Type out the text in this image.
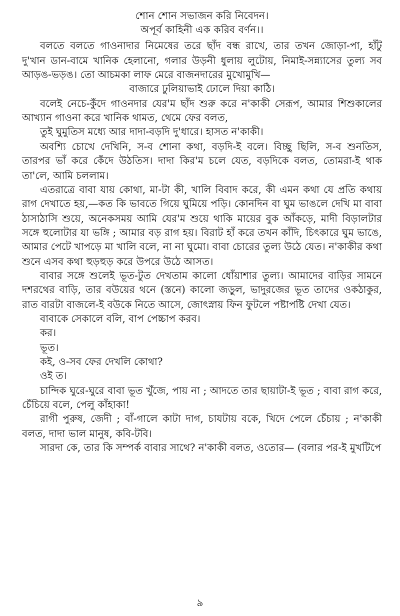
শোন শোন সভাজন করি নিবেদন।
অপূর্ব কাহিনী এক করিব বর্ণন।।

বলতে বলতে গাওনাদার নিমেষের তরে ছাঁদ বন্ধ রাখে, তার তখন জোড়া-পা, হাঁটু দু'খান ডান-বামে খানিক হেলানো, গলার উড়নী ধুলায় লুটোয়, নিমাই-সন্ন্যাসের তুল্য সব আড়ঙ-ভড়ঙ। তো আচমকা লাফ মেরে বাজনদারের মুখোমুখি—

বাজারে ঢুলিয়াভাই ঢোলে দিয়া কাঠি।

বলেই নেচে-কুঁদে গাওনদার যের'ম ছাঁদ শুরু করে ন'কাকী সেরূপ, আমার শিশুকালের আখ্যান গাওনা করে খানিক থামত, থেমে ফের বলত,

তুই ঘুমুতিস মধ্যে আর দাদা-বড়দি দু'ধারে। হাসত ন'কাকী।

অবশ্যি চোখে দেখিনি, স-ব শোনা কথা, বড়দি-ই বলে। বিচ্ছু ছিলি, স-ব শুনতিস, তারপর ভাঁ করে কেঁদে উঠতিস। দাদা কির'ম চলে যেত, বড়দিকে বলত, তোমরা-ই থাক তা'লে, আমি চললাম।

এতরাত্রে বাবা যায় কোথা, মা-টা কী, খালি বিবাদ করে, কী এমন কথা যে প্রতি কথায় রাগ দেখাতে হয়,—কত কি ভাবতে গিয়ে ঘুমিয়ে পড়ি। কোনদিন বা ঘুম ভাঙলে দেখি মা বাবা ঠাসাঠাসি শুয়ে, অনেকসময় আমি যের'ম শুয়ে থাকি মায়ের বুক আঁকড়ে, মাদী বিড়ালটার সঙ্গে হুলোটার যা ভঙ্গি ; আমার বড় রাগ হয়। বিরাট হাঁ করে তখন কাঁদি, চিৎকারে ঘুম ভাঙে, আমার পেটে খাপড়ে মা খালি বলে, না না ঘুমো। বাবা চোরের তুল্য উঠে যেত। ন'কাকীর কথা শুনে এসব কথা হুড়হুড় করে উপরে উঠে আসত।

বাবার সঙ্গে শুলেই ভূত-টুত দেখতাম কালো ধোঁয়াশার তুল্য। আমাদের বাড়ির সামনে দশরথের বাড়ি, তার বউয়ের থনে (স্তনে) কালো জড়ুল, ভাদুরজের ভূত তাদের ওকঠাকুর, রাত বারটা বাজলে-ই বউকে নিতে আসে, জোৎস্নায় ফিন ফুটলে পষ্টাপষ্টি দেখা যেত।

বাবাকে সেকালে বলি, বাপ পেচ্চাপ করব।

কর।

ভূত।

কই, ও-সব ফের দেখলি কোথা?

ওই ত।

চান্দিক ঘুরে-ঘুরে বাবা ভূত খুঁজে, পায় না ; আদতে তার ছায়াটা-ই ভূত ; বাবা রাগ করে, চেঁচিয়ে বলে, পেলু কাঁহাকা!

রাগী পুরুষ, জেদী ; বাঁ-গালে কাটা দাগ, চাযটায় বকে, খিদে পেলে চেঁচায় ; ন'কাকী বলত, দাদা ভাল মানুষ, কবি-টবি।

সারদা কে, তার কি সম্পর্ক বাবার সাথে? ন'কাকী বলত, ওতোর— (বলার পর-ই মুখটিপে

৯
